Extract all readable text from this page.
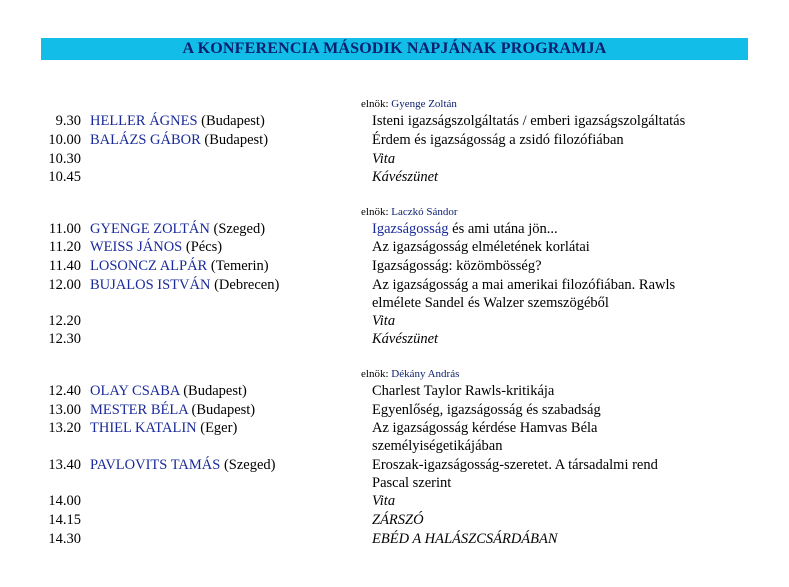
A KONFERENCIA MÁSODIK NAPJÁNAK PROGRAMJA
elnök: Gyenge Zoltán
9.30 HELLER ÁGNES (Budapest)	Isteni igazságszolgáltatás / emberi igazságszolgáltatás
10.00 BALÁZS GÁBOR (Budapest)	Érdem és igazságosság a zsidó filozófiában
10.30	Vita
10.45	Kávészünet
elnök: Laczkó Sándor
11.00 GYENGE ZOLTÁN (Szeged)	Igazságosság és ami utána jön...
11.20 WEISS JÁNOS (Pécs)	Az igazságosság elméletének korlátai
11.40 LOSONCZ ALPÁR (Temerin)	Igazságosság: közömbösség?
12.00 BUJALOS ISTVÁN (Debrecen)	Az igazságosság a mai amerikai filozófiában. Rawls
elmélete Sandel és Walzer szemszögéből
12.20	Vita
12.30	Kávészünet
elnök: Dékány András
12.40 OLAY CSABA (Budapest)	Charlest Taylor Rawls-kritikája
13.00 MESTER BÉLA (Budapest)	Egyenlőség, igazságosság és szabadság
13.20 THIEL KATALIN (Eger)	Az igazságosság kérdése Hamvas Béla
személyiségetikájában
13.40 PAVLOVITS TAMÁS (Szeged)	Eroszak-igazságosság-szeretet. A társadalmi rend
Pascal szerint
14.00	Vita
14.15	ZÁRSZÓ
14.30	EBÉD A HALÁSZCSÁRDÁBAN
